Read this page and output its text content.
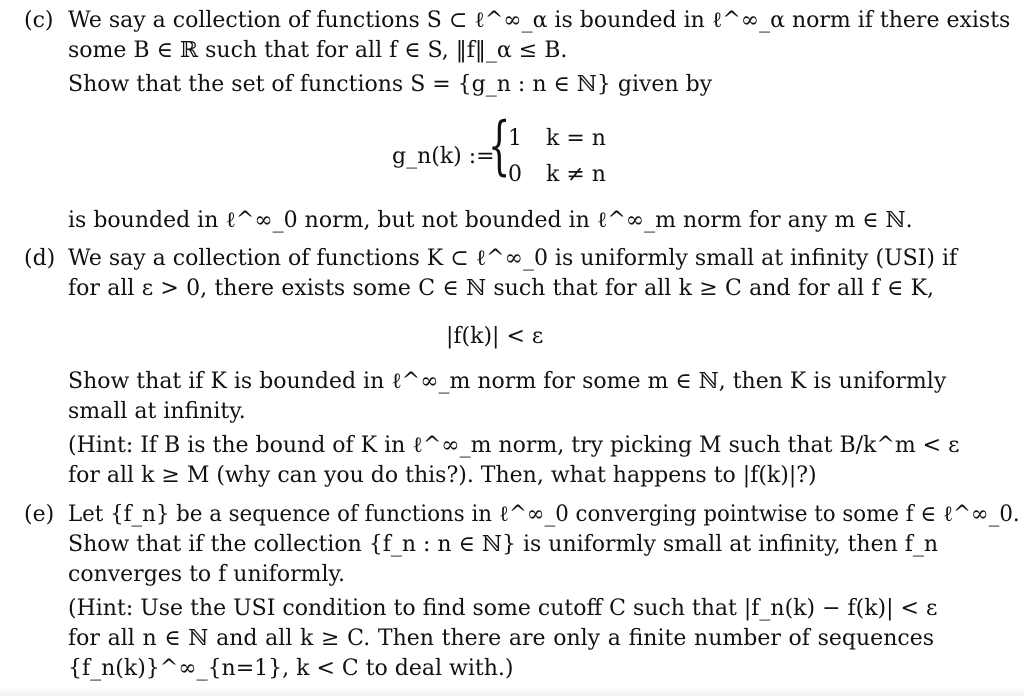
(c) We say a collection of functions S ⊂ ℓ^∞_α is bounded in ℓ^∞_α norm if there exists
some B ∈ ℝ such that for all f ∈ S, ‖f‖_α ≤ B.
Show that the set of functions S = {g_n : n ∈ ℕ} given by
g_n(k) :=
{
1 k = n
0 k ≠ n
is bounded in ℓ^∞_0 norm, but not bounded in ℓ^∞_m norm for any m ∈ ℕ.
(d) We say a collection of functions K ⊂ ℓ^∞_0 is uniformly small at infinity (USI) if
for all ε > 0, there exists some C ∈ ℕ such that for all k ≥ C and for all f ∈ K,
|f(k)| < ε
Show that if K is bounded in ℓ^∞_m norm for some m ∈ ℕ, then K is uniformly
small at infinity.
(Hint: If B is the bound of K in ℓ^∞_m norm, try picking M such that B/k^m < ε
for all k ≥ M (why can you do this?). Then, what happens to |f(k)|?)
(e) Let {f_n} be a sequence of functions in ℓ^∞_0 converging pointwise to some f ∈ ℓ^∞_0.
Show that if the collection {f_n : n ∈ ℕ} is uniformly small at infinity, then f_n
converges to f uniformly.
(Hint: Use the USI condition to find some cutoff C such that |f_n(k) − f(k)| < ε
for all n ∈ ℕ and all k ≥ C. Then there are only a finite number of sequences
{f_n(k)}^∞_{n=1}, k < C to deal with.)
